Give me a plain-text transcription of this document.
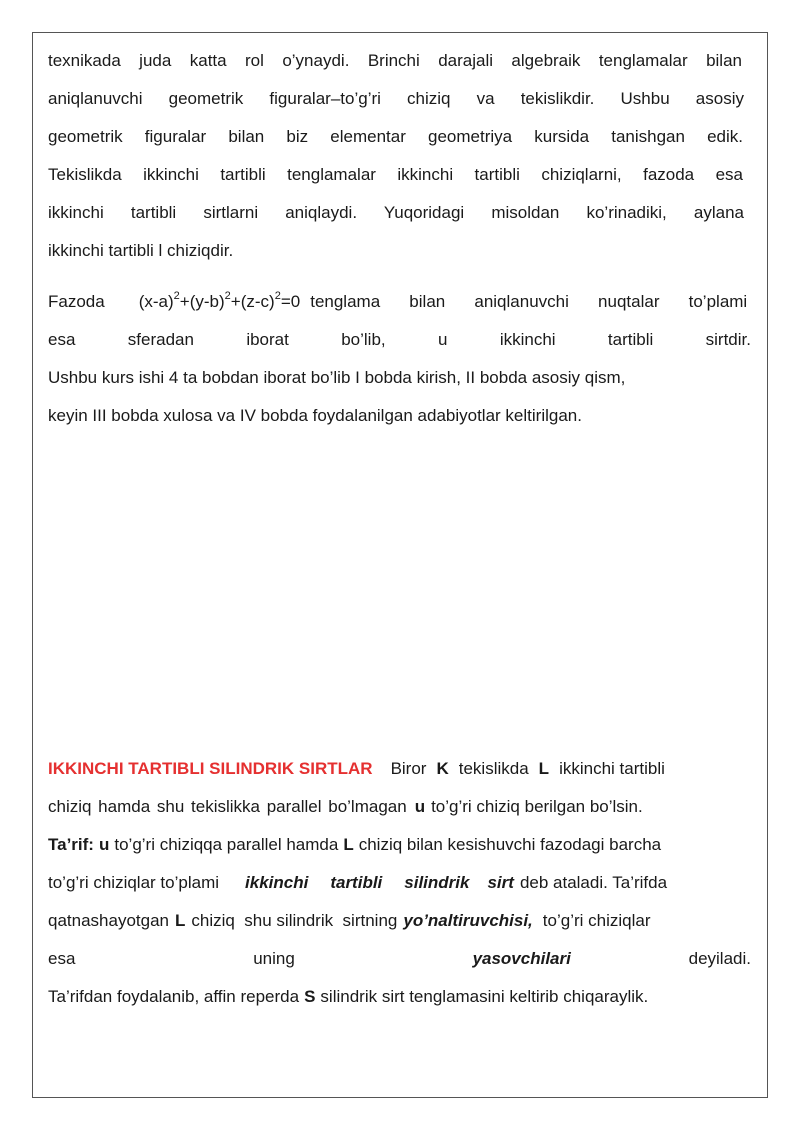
texnikada juda katta rol o’ynaydi. Brinchi darajali algebraik tenglamalar bilan
aniqlanuvchi geometrik figuralar–to’g’ri chiziq va tekislikdir. Ushbu asosiy
geometrik figuralar bilan biz elementar geometriya kursida tanishgan edik.
Tekislikda ikkinchi tartibli tenglamalar ikkinchi tartibli chiziqlarni, fazoda esa
ikkinchi tartibli sirtlarni aniqlaydi. Yuqoridagi misoldan ko’rinadiki, aylana
ikkinchi tartibli l chiziqdir.
Fazoda $(x-a)^2+(y-b)^2+(z-c)^2=0$ tenglama bilan aniqlanuvchi nuqtalar to’plami
esa	sferadan	iborat	bo’lib,	u	ikkinchi	tartibli	sirtdir.
Ushbu kurs ishi 4 ta bobdan iborat bo’lib I bobda kirish, II bobda asosiy qism,
keyin III bobda xulosa va IV bobda foydalanilgan adabiyotlar keltirilgan.
IKKINCHI TARTIBLI SILINDRIK SIRTLAR Biror K tekislikda L ikkinchi tartibli
chiziq hamda shu tekislikka parallel bo’lmagan u to’g’ri chiziq berilgan bo’lsin.
Ta’rif: u to’g’ri chiziqqa parallel hamda L chiziq bilan kesishuvchi fazodagi barcha
to’g’ri chiziqlar to’plami ikkinchi tartibli silindrik sirt deb ataladi. Ta’rifda
qatnashayotgan L chiziq  shu silindrik  sirtning yo’naltiruvchisi, to’g’ri chiziqlar
esa	uning	yasovchilari	deyiladi.
Ta’rifdan foydalanib, affin reperda S silindrik sirt tenglamasini keltirib chiqaraylik.
